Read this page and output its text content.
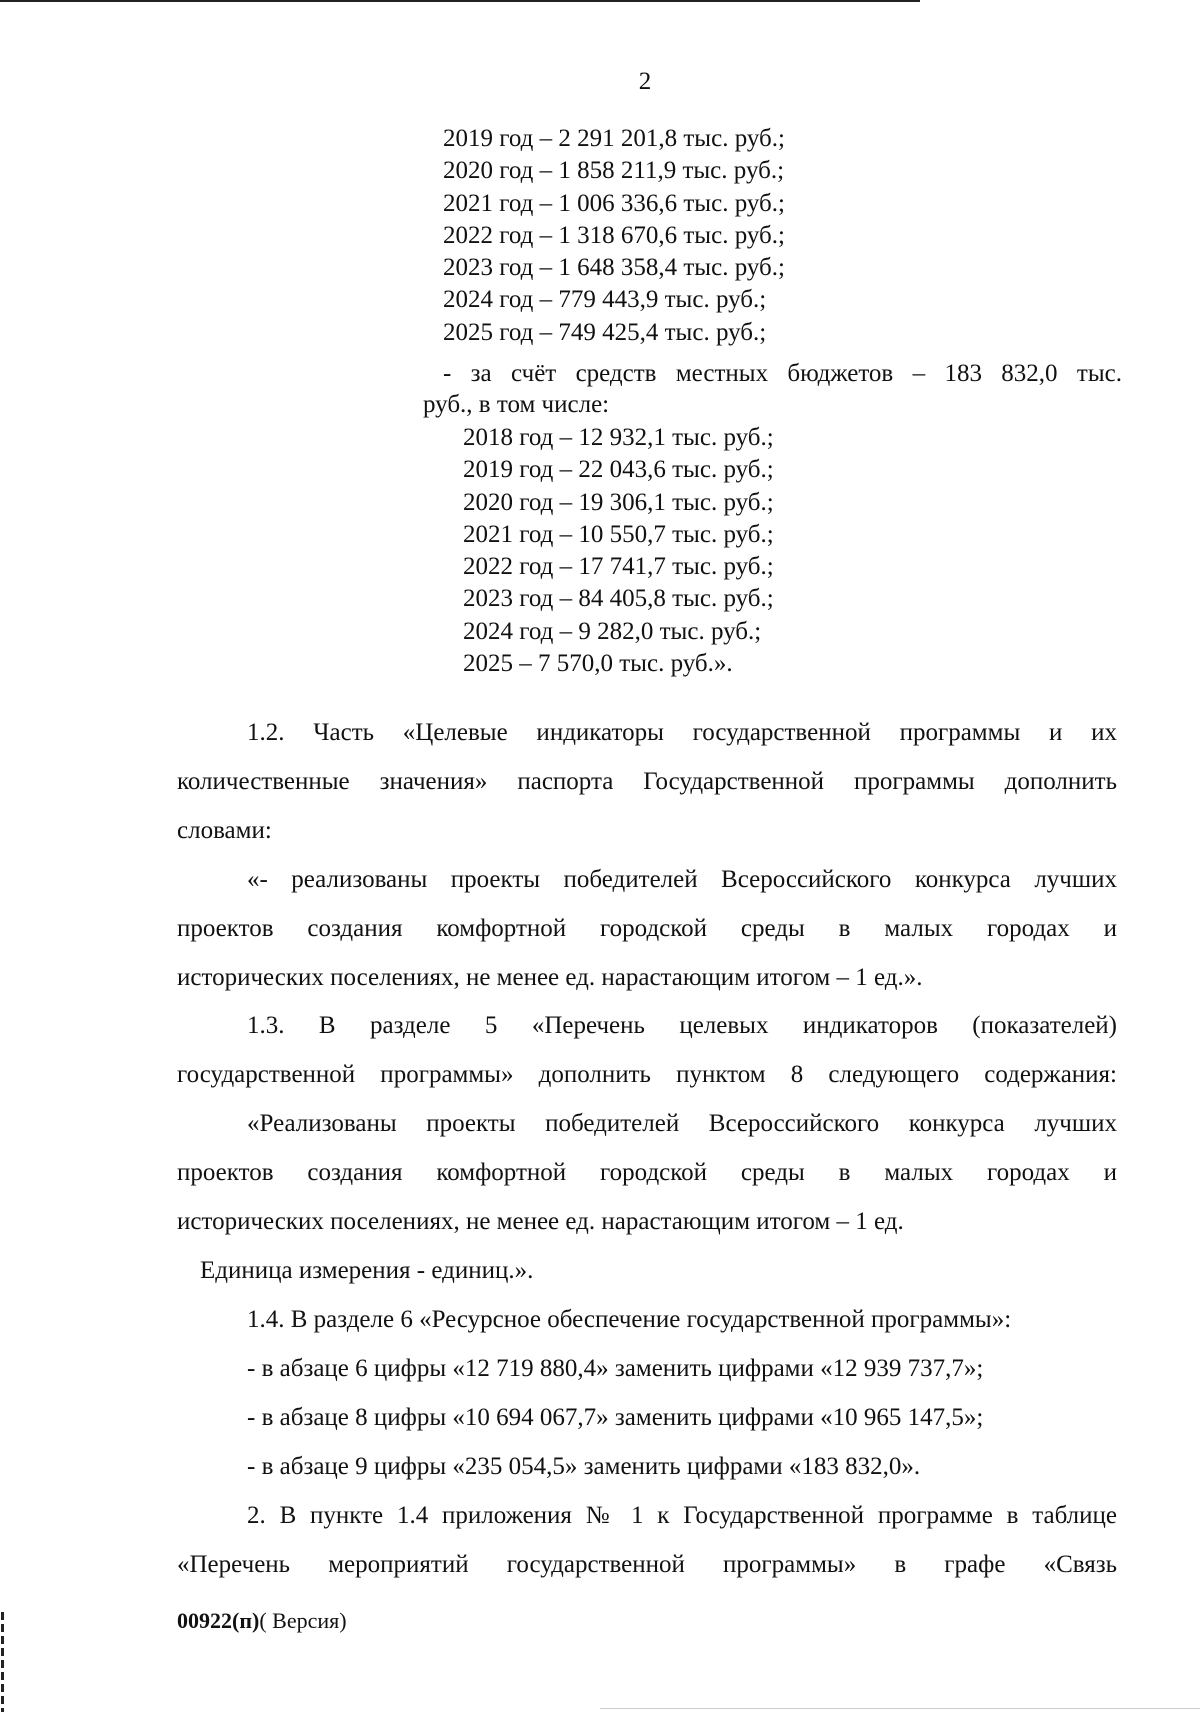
2
2019 год – 2 291 201,8 тыс. руб.;
2020 год – 1 858 211,9 тыс. руб.;
2021 год – 1 006 336,6 тыс. руб.;
2022 год – 1 318 670,6 тыс. руб.;
2023 год – 1 648 358,4 тыс. руб.;
2024 год – 779 443,9 тыс. руб.;
2025 год – 749 425,4 тыс. руб.;
- за счёт средств местных бюджетов – 183 832,0 тыс.
руб., в том числе:
2018 год – 12 932,1 тыс. руб.;
2019 год – 22 043,6 тыс. руб.;
2020 год – 19 306,1 тыс. руб.;
2021 год – 10 550,7 тыс. руб.;
2022 год – 17 741,7 тыс. руб.;
2023 год – 84 405,8 тыс. руб.;
2024 год – 9 282,0 тыс. руб.;
2025 – 7 570,0 тыс. руб.».
1.2. Часть «Целевые индикаторы государственной программы и их
количественные значения» паспорта Государственной программы дополнить
словами:
«- реализованы проекты победителей Всероссийского конкурса лучших
проектов создания комфортной городской среды в малых городах и
исторических поселениях, не менее ед. нарастающим итогом – 1 ед.».
1.3. В разделе 5 «Перечень целевых индикаторов (показателей)
государственной программы» дополнить пунктом 8 следующего содержания:
«Реализованы проекты победителей Всероссийского конкурса лучших
проектов создания комфортной городской среды в малых городах и
исторических поселениях, не менее ед. нарастающим итогом – 1 ед.
Единица измерения - единиц.».
1.4. В разделе 6 «Ресурсное обеспечение государственной программы»:
- в абзаце 6 цифры «12 719 880,4» заменить цифрами «12 939 737,7»;
- в абзаце 8 цифры «10 694 067,7» заменить цифрами «10 965 147,5»;
- в абзаце 9 цифры «235 054,5» заменить цифрами «183 832,0».
2. В пункте 1.4 приложения № 1 к Государственной программе в таблице
«Перечень мероприятий государственной программы» в графе «Связь
00922(п)( Версия)
